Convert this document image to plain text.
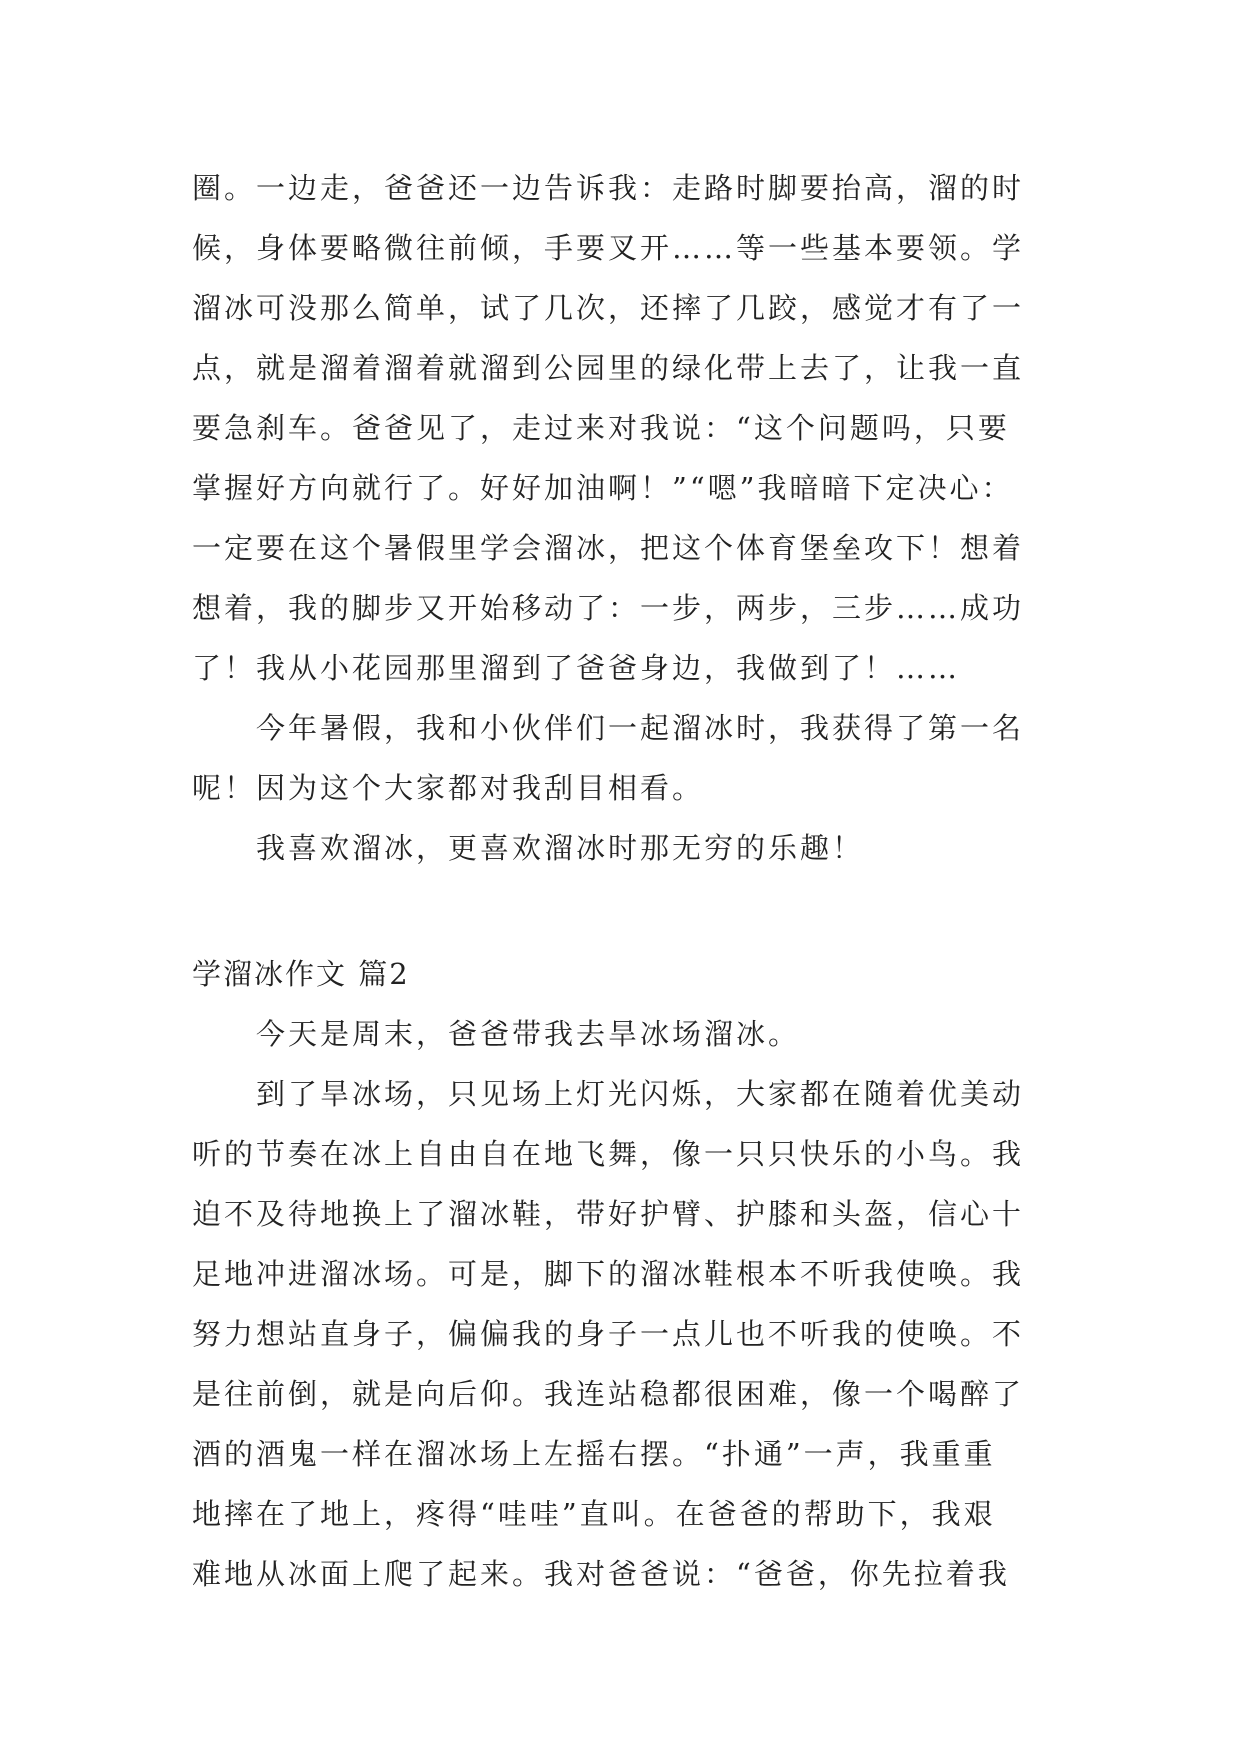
圈。一边走，爸爸还一边告诉我：走路时脚要抬高，溜的时

候，身体要略微往前倾，手要叉开……等一些基本要领。学

溜冰可没那么简单，试了几次，还摔了几跤，感觉才有了一

点，就是溜着溜着就溜到公园里的绿化带上去了，让我一直

要急刹车。爸爸见了，走过来对我说：“这个问题吗，只要

掌握好方向就行了。好好加油啊！”“嗯”我暗暗下定决心：

一定要在这个暑假里学会溜冰，把这个体育堡垒攻下！想着

想着，我的脚步又开始移动了：一步，两步，三步……成功

了！我从小花园那里溜到了爸爸身边，我做到了！……

今年暑假，我和小伙伴们一起溜冰时，我获得了第一名

呢！因为这个大家都对我刮目相看。

我喜欢溜冰，更喜欢溜冰时那无穷的乐趣！

学溜冰作文 篇2

今天是周末，爸爸带我去旱冰场溜冰。

到了旱冰场，只见场上灯光闪烁，大家都在随着优美动

听的节奏在冰上自由自在地飞舞，像一只只快乐的小鸟。我

迫不及待地换上了溜冰鞋，带好护臂、护膝和头盔，信心十

足地冲进溜冰场。可是，脚下的溜冰鞋根本不听我使唤。我

努力想站直身子，偏偏我的身子一点儿也不听我的使唤。不

是往前倒，就是向后仰。我连站稳都很困难，像一个喝醉了

酒的酒鬼一样在溜冰场上左摇右摆。“扑通”一声，我重重

地摔在了地上，疼得“哇哇”直叫。在爸爸的帮助下，我艰

难地从冰面上爬了起来。我对爸爸说：“爸爸，你先拉着我
